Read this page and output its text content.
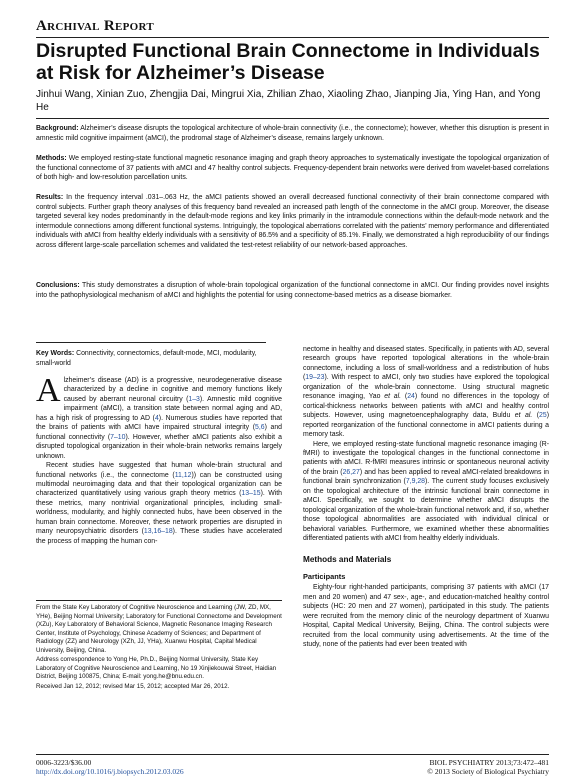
Archival Report
Disrupted Functional Brain Connectome in Individuals at Risk for Alzheimer’s Disease
Jinhui Wang, Xinian Zuo, Zhengjia Dai, Mingrui Xia, Zhilian Zhao, Xiaoling Zhao, Jianping Jia, Ying Han, and Yong He
Background: Alzheimer’s disease disrupts the topological architecture of whole-brain connectivity (i.e., the connectome); however, whether this disruption is present in amnestic mild cognitive impairment (aMCI), the prodromal stage of Alzheimer’s disease, remains largely unknown.
Methods: We employed resting-state functional magnetic resonance imaging and graph theory approaches to systematically investigate the topological organization of the functional connectome of 37 patients with aMCI and 47 healthy control subjects. Frequency-dependent brain networks were derived from wavelet-based correlations of both high- and low-resolution parcellation units.
Results: In the frequency interval .031–.063 Hz, the aMCI patients showed an overall decreased functional connectivity of their brain connectome compared with control subjects. Further graph theory analyses of this frequency band revealed an increased path length of the connectome in the aMCI group. Moreover, the disease targeted several key nodes predominantly in the default-mode regions and key links primarily in the intramodule connections within the default-mode network and the intermodule connections among different functional systems. Intriguingly, the topological aberrations correlated with the patients’ memory performance and differentiated individuals with aMCI from healthy elderly individuals with a sensitivity of 86.5% and a specificity of 85.1%. Finally, we demonstrated a high reproducibility of our findings across different large-scale parcellation schemes and validated the test-retest reliability of our network-based approaches.
Conclusions: This study demonstrates a disruption of whole-brain topological organization of the functional connectome in aMCI. Our finding provides novel insights into the pathophysiological mechanism of aMCI and highlights the potential for using connectome-based metrics as a disease biomarker.
Key Words: Connectivity, connectomics, default-mode, MCI, modularity, small-world

Alzheimer’s disease (AD) is a progressive, neurodegenerative disease characterized by a decline in cognitive and memory functions likely caused by aberrant neuronal circuitry (1–3). Amnestic mild cognitive impairment (aMCI), a transition state between normal aging and AD, has a high risk of progressing to AD (4). Numerous studies have reported that the brains of patients with aMCI have impaired structural integrity (5,6) and functional connectivity (7–10). However, whether aMCI patients also exhibit a disrupted topological organization in their whole-brain networks remains largely unknown.

Recent studies have suggested that human whole-brain structural and functional networks (i.e., the connectome (11,12)) can be constructed using multimodal neuroimaging data and that their topological organization can be characterized quantitatively using various graph theory metrics (13–15). With these metrics, many nontrivial organizational principles, including small-worldness, modularity, and highly connected hubs, have been observed in the human brain connectome. Moreover, these network properties are disrupted in many neuropsychiatric disorders (13,16–18). These studies have accelerated the process of mapping the human con-

From the State Key Laboratory of Cognitive Neuroscience and Learning (JW, ZD, MX, YHe), Beijing Normal University; Laboratory for Functional Connectome and Development (XZu), Key Laboratory of Behavioral Science, Magnetic Resonance Imaging Research Center, Institute of Psychology, Chinese Academy of Sciences; and Department of Radiology (ZZ) and Neurology (XZh, JJ, YHa), Xuanwu Hospital, Capital Medical University, Beijing, China.

Address correspondence to Yong He, Ph.D., Beijing Normal University, State Key Laboratory of Cognitive Neuroscience and Learning, No 19 Xinjiekouwai Street, Haidian District, Beijing 100875, China; E-mail: yong.he@bnu.edu.cn.

Received Jan 12, 2012; revised Mar 15, 2012; accepted Mar 26, 2012.

nectome in healthy and diseased states. Specifically, in patients with AD, several research groups have reported topological alterations in the whole-brain connectome, including a loss of small-worldness and a redistribution of hubs (19–23). With respect to aMCI, only two studies have explored the topological organization of the whole-brain connectome. Using structural magnetic resonance imaging, Yao et al. (24) found no differences in the topology of cortical-thickness networks between patients with aMCI and healthy control subjects. However, using magnetoencephalography data, Buldu et al. (25) reported reorganization of the functional connectome in aMCI patients during a memory task.

Here, we employed resting-state functional magnetic resonance imaging (R-fMRI) to investigate the topological changes in the functional connectome in patients with aMCI. R-fMRI measures intrinsic or spontaneous neuronal activity of the brain (26,27) and has been applied to reveal aMCI-related breakdowns in functional brain synchronization (7,9,28). The current study focuses exclusively on the topological architecture of the intrinsic functional brain connectome in aMCI. Specifically, we sought to determine whether aMCI disrupts the topological organization of the whole-brain functional network and, if so, whether those topological abnormalities are associated with individual clinical or behavioral variables. Furthermore, we examined whether these abnormalities differentiated patients with aMCI from healthy elderly individuals.

Methods and Materials
Participants

Eighty-four right-handed participants, comprising 37 patients with aMCI (17 men and 20 women) and 47 sex-, age-, and education-matched healthy control subjects (HC: 20 men and 27 women), participated in this study. The patients were recruited from the memory clinic of the neurology department of Xuanwu Hospital, Capital Medical University, Beijing, China. The control subjects were recruited from the local community using advertisements. At the time of the study, none of the patients had ever been treated with

0006-3223/$36.00
http://dx.doi.org/10.1016/j.biopsych.2012.03.026
BIOL PSYCHIATRY 2013;73:472–481
© 2013 Society of Biological Psychiatry
